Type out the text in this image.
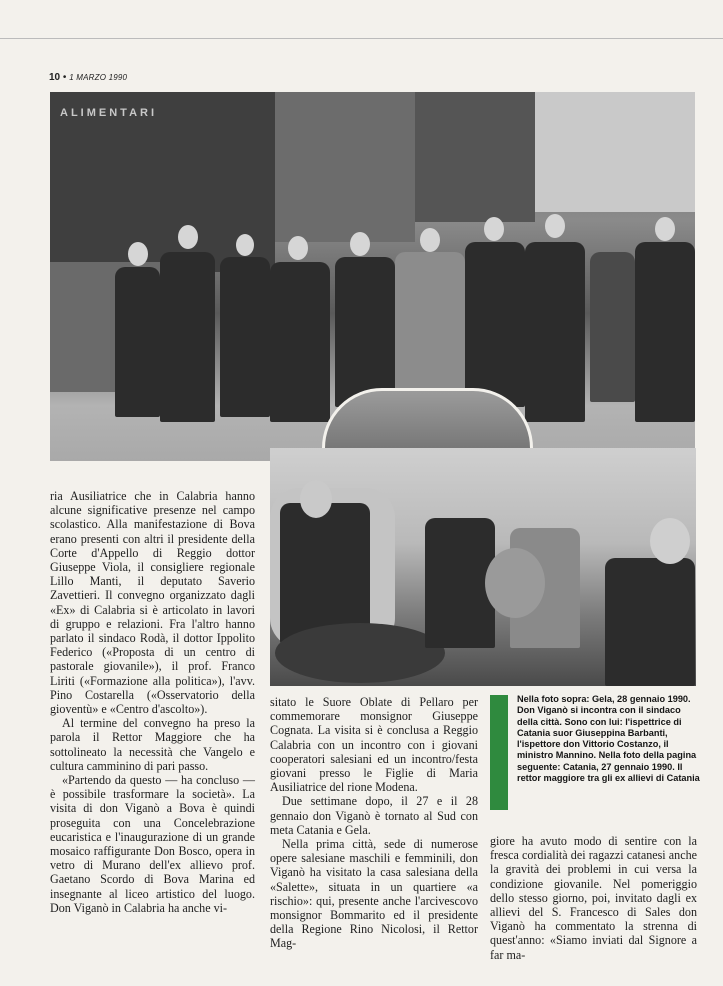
10 • 1 MARZO 1990
ALIMENTARI

ria Ausiliatrice che in Calabria hanno alcune significative presenze nel campo scolastico. Alla manifestazione di Bova erano presenti con altri il presidente della Corte d'Appello di Reggio dottor Giuseppe Viola, il consigliere regionale Lillo Manti, il deputato Saverio Zavettieri. Il convegno organizzato dagli «Ex» di Calabria si è articolato in lavori di gruppo e relazioni. Fra l'altro hanno parlato il sindaco Rodà, il dottor Ippolito Federico («Proposta di un centro di pastorale giovanile»), il prof. Franco Liriti («Formazione alla politica»), l'avv. Pino Costarella («Osservatorio della gioventù» e «Centro d'ascolto»).

Al termine del convegno ha preso la parola il Rettor Maggiore che ha sottolineato la necessità che Vangelo e cultura camminino di pari passo.

«Partendo da questo — ha concluso — è possibile trasformare la società». La visita di don Viganò a Bova è quindi proseguita con una Concelebrazione eucaristica e l'inaugurazione di un grande mosaico raffigurante Don Bosco, opera in vetro di Murano dell'ex allievo prof. Gaetano Scordo di Bova Marina ed insegnante al liceo artistico del luogo. Don Viganò in Calabria ha anche vi-

sitato le Suore Oblate di Pellaro per commemorare monsignor Giuseppe Cognata. La visita si è conclusa a Reggio Calabria con un incontro con i giovani cooperatori salesiani ed un incontro/festa giovani presso le Figlie di Maria Ausiliatrice del rione Modena.

Due settimane dopo, il 27 e il 28 gennaio don Viganò è tornato al Sud con meta Catania e Gela.

Nella prima città, sede di numerose opere salesiane maschili e femminili, don Viganò ha visitato la casa salesiana della «Salette», situata in un quartiere «a rischio»: qui, presente anche l'arcivescovo monsignor Bommarito ed il presidente della Regione Rino Nicolosi, il Rettor Mag-

Nella foto sopra: Gela, 28 gennaio 1990. Don Viganò si incontra con il sindaco della città. Sono con lui: l'ispettrice di Catania suor Giuseppina Barbanti, l'ispettore don Vittorio Costanzo, il ministro Mannino. Nella foto della pagina seguente: Catania, 27 gennaio 1990. Il rettor maggiore tra gli ex allievi di Catania

giore ha avuto modo di sentire con la fresca cordialità dei ragazzi catanesi anche la gravità dei problemi in cui versa la condizione giovanile. Nel pomeriggio dello stesso giorno, poi, invitato dagli ex allievi del S. Francesco di Sales don Viganò ha commentato la strenna di quest'anno: «Siamo inviati dal Signore a far ma-
